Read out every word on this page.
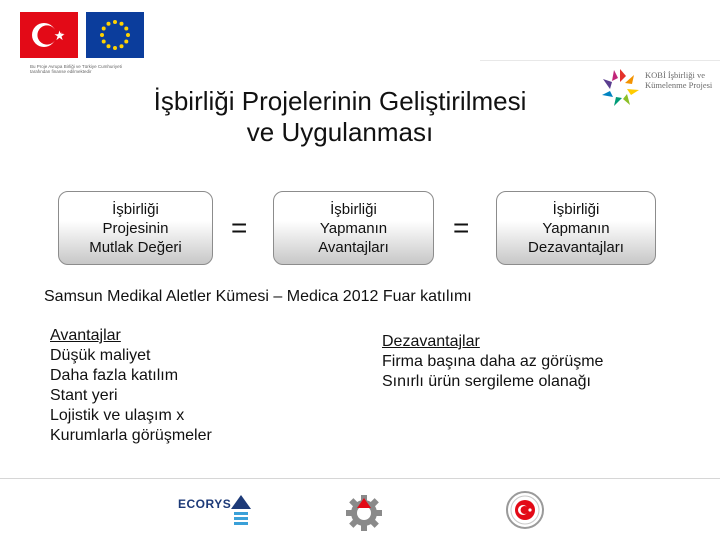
Bu Proje Avrupa Birliği ve Türkiye Cumhuriyeti tarafından finanse edilmektedir	KOBİ İşbirliği ve Kümelenme Projesi
İşbirliği Projelerinin Geliştirilmesi
ve Uygulanması
İşbirliği
Projesinin
Mutlak Değeri
=
İşbirliği
Yapmanın
Avantajları
=
İşbirliği
Yapmanın
Dezavantajları
Samsun Medikal Aletler Kümesi – Medica 2012 Fuar katılımı
Avantajlar
Düşük maliyet
Daha fazla katılım
Stant yeri
Lojistik ve ulaşım x
Kurumlarla görüşmeler
Dezavantajlar
Firma başına daha az görüşme
Sınırlı ürün sergileme olanağı
ECORYS
